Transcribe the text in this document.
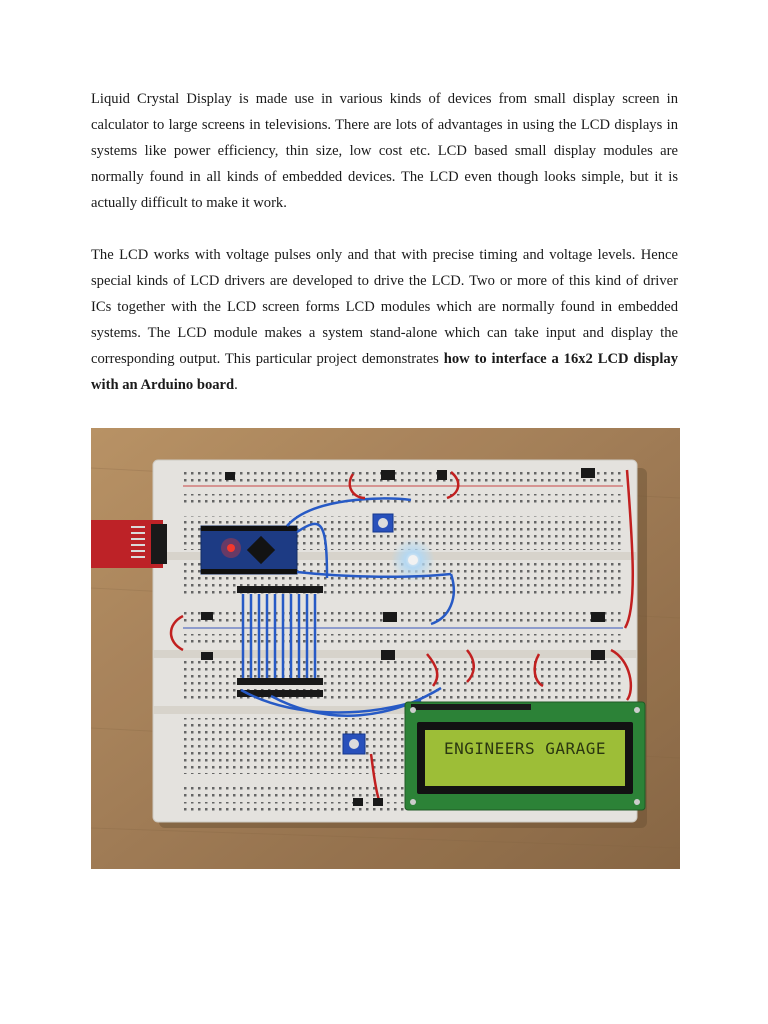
Liquid Crystal Display is made use in various kinds of devices from small display screen in calculator to large screens in televisions. There are lots of advantages in using the LCD displays in systems like power efficiency, thin size, low cost etc. LCD based small display modules are normally found in all kinds of embedded devices. The LCD even though looks simple, but it is actually difficult to make it work.

The LCD works with voltage pulses only and that with precise timing and voltage levels. Hence special kinds of LCD drivers are developed to drive the LCD. Two or more of this kind of driver ICs together with the LCD screen forms LCD modules which are normally found in embedded systems. The LCD module makes a system stand-alone which can take input and display the corresponding output. This particular project demonstrates how to interface a 16x2 LCD display with an Arduino board.

ENGINEERS GARAGE
